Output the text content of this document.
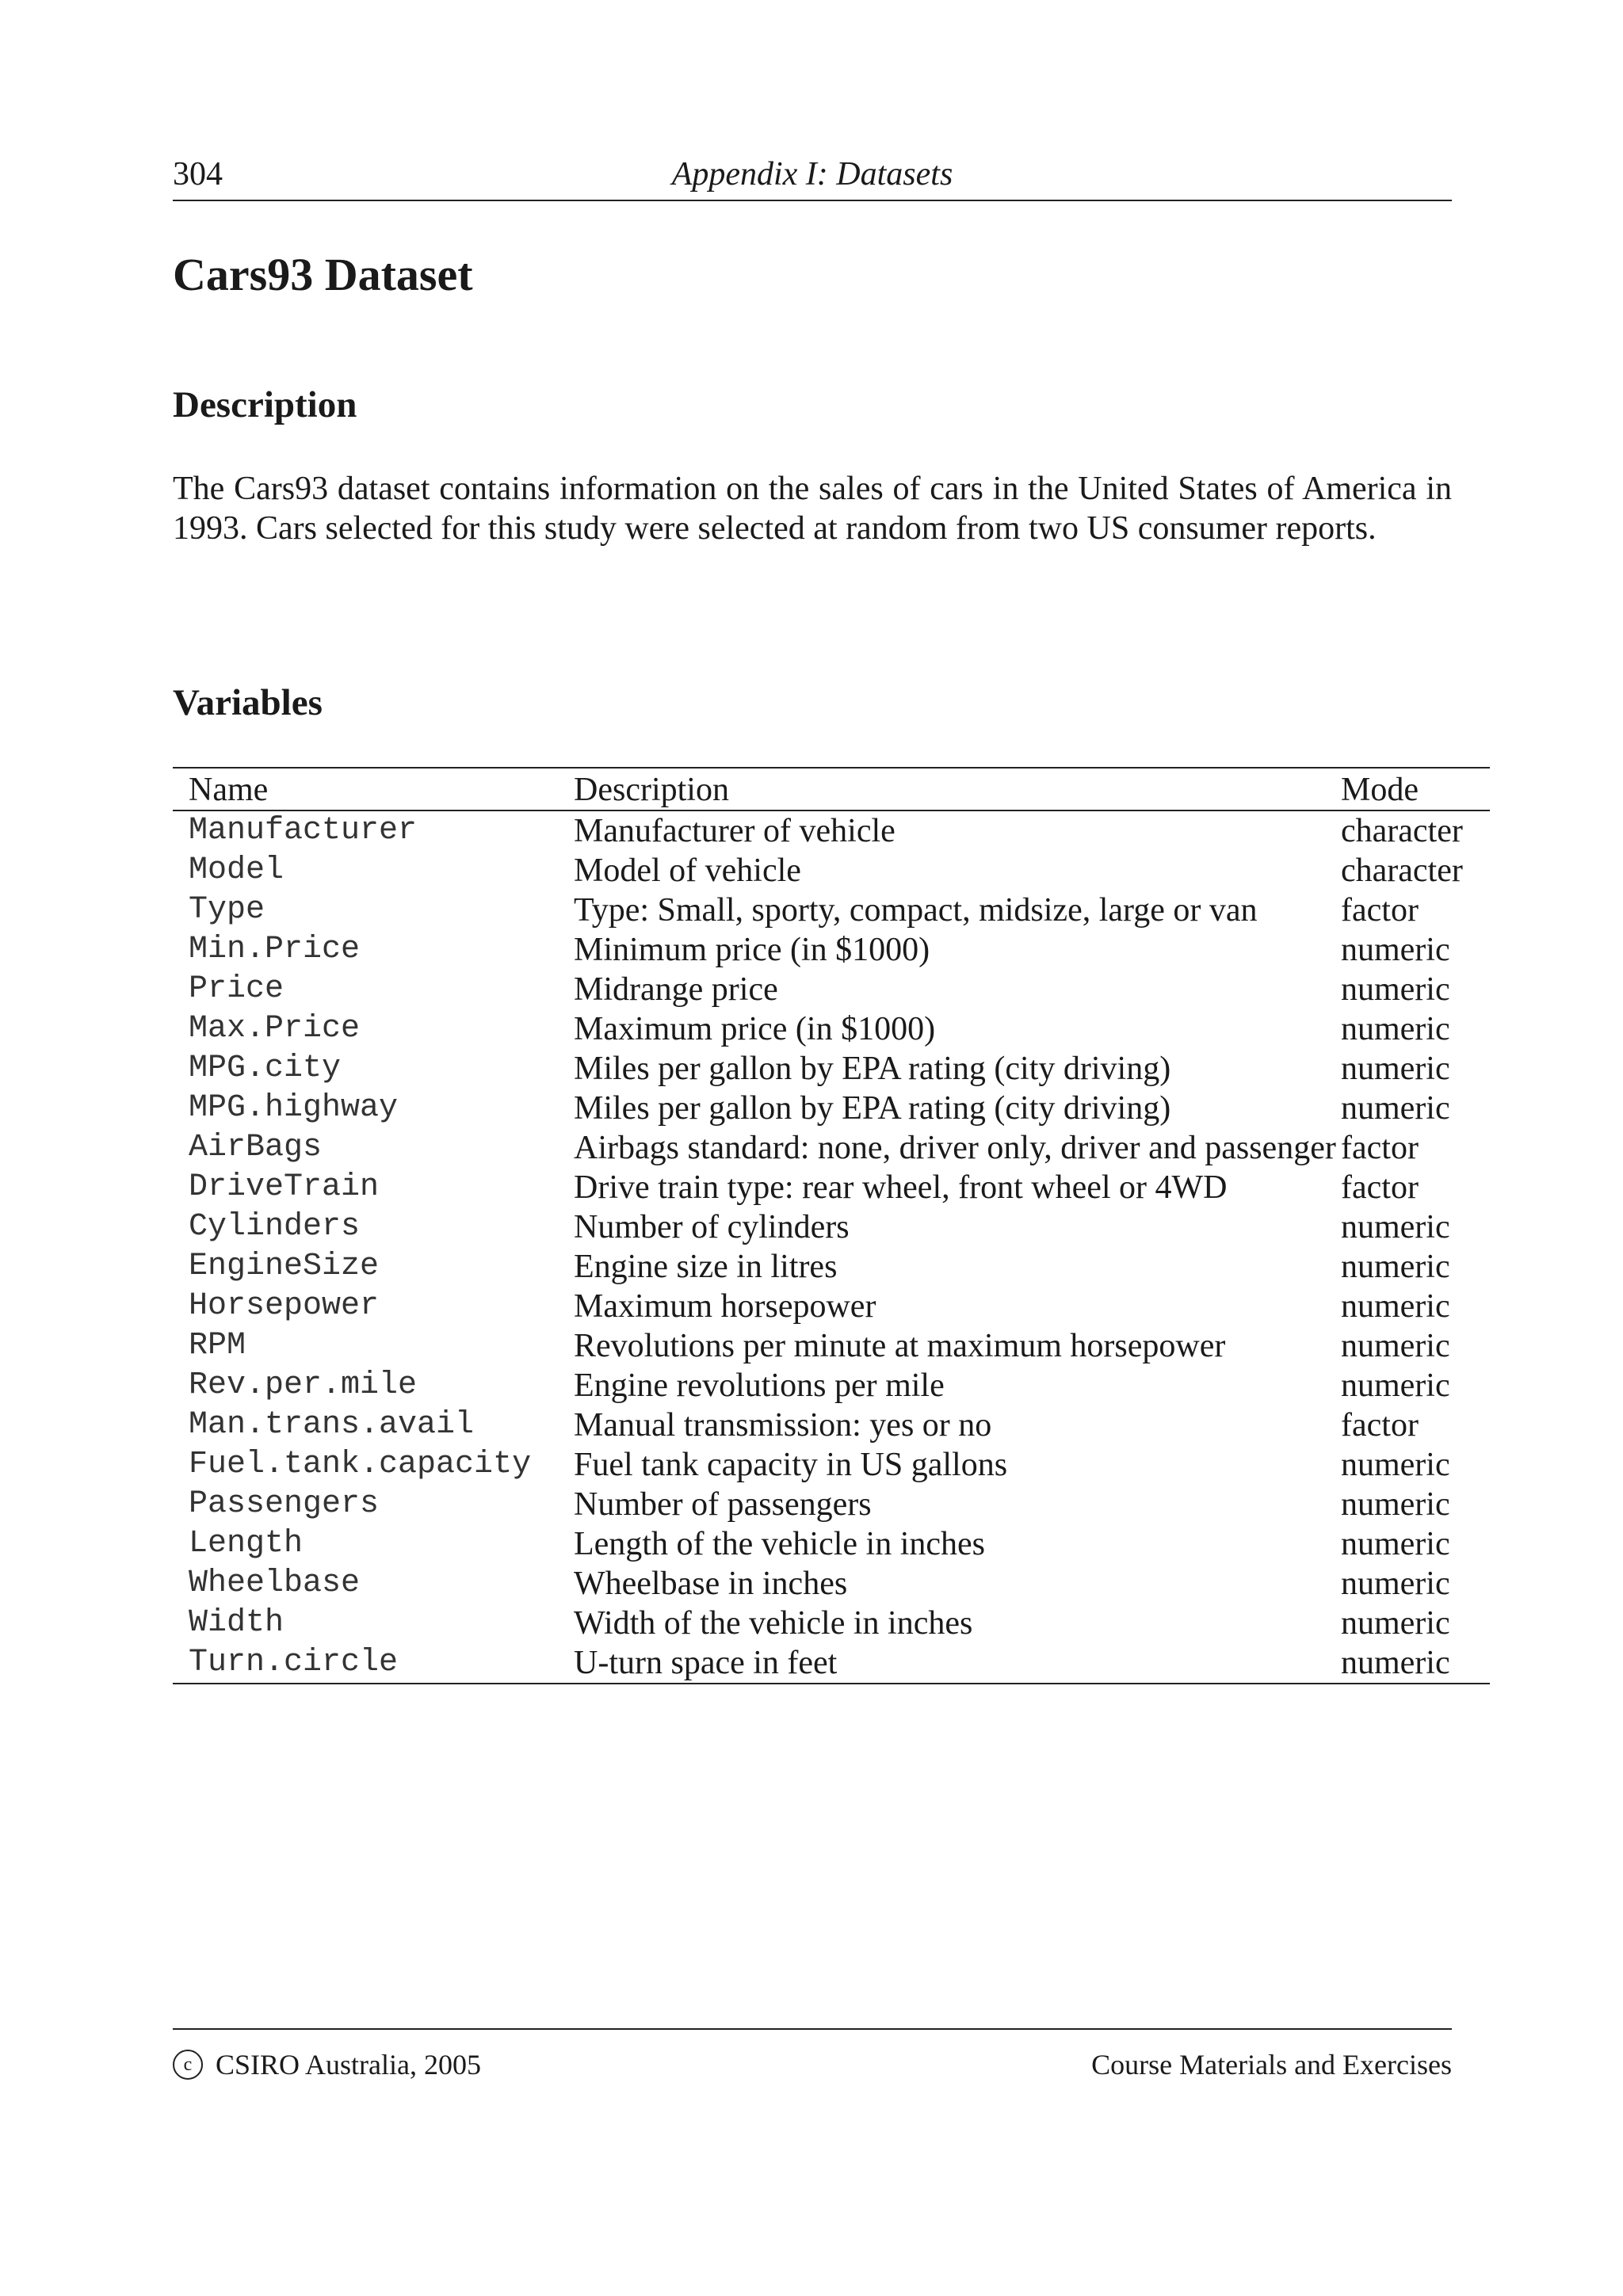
304	Appendix I: Datasets
Cars93 Dataset
Description

The Cars93 dataset contains information on the sales of cars in the United States of America in 1993. Cars selected for this study were selected at random from two US consumer reports.

Variables
Name	Description	Mode
Manufacturer	Manufacturer of vehicle	character
Model	Model of vehicle	character
Type	Type: Small, sporty, compact, midsize, large or van	factor
Min.Price	Minimum price (in $1000)	numeric
Price	Midrange price	numeric
Max.Price	Maximum price (in $1000)	numeric
MPG.city	Miles per gallon by EPA rating (city driving)	numeric
MPG.highway	Miles per gallon by EPA rating (city driving)	numeric
AirBags	Airbags standard: none, driver only, driver and passenger	factor
DriveTrain	Drive train type: rear wheel, front wheel or 4WD	factor
Cylinders	Number of cylinders	numeric
EngineSize	Engine size in litres	numeric
Horsepower	Maximum horsepower	numeric
RPM	Revolutions per minute at maximum horsepower	numeric
Rev.per.mile	Engine revolutions per mile	numeric
Man.trans.avail	Manual transmission: yes or no	factor
Fuel.tank.capacity	Fuel tank capacity in US gallons	numeric
Passengers	Number of passengers	numeric
Length	Length of the vehicle in inches	numeric
Wheelbase	Wheelbase in inches	numeric
Width	Width of the vehicle in inches	numeric
Turn.circle	U-turn space in feet	numeric
c CSIRO Australia, 2005	Course Materials and Exercises
